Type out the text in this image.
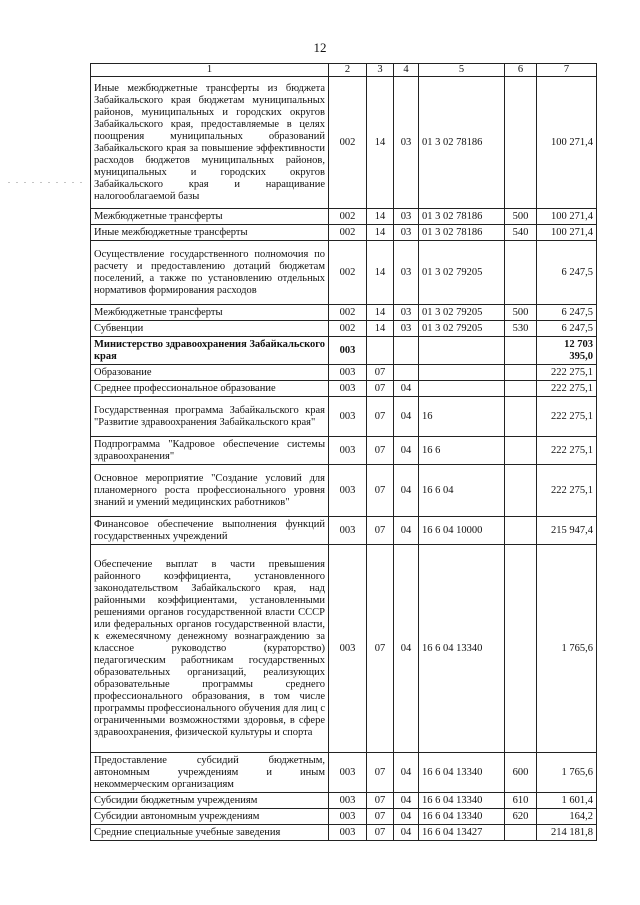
12
. . . . . . . . . .
1	2	3	4	5	6	7
Иные межбюджетные трансферты из бюджета Забайкальского края бюджетам муниципальных районов, муниципальных и городских округов Забайкальского края, предоставляемые в целях поощрения муниципальных образований Забайкальского края за повышение эффективности расходов бюджетов муниципальных районов, муниципальных и городских округов Забайкальского края и наращивание налогооблагаемой базы	002	14	03	01 3 02 78186		100 271,4
Межбюджетные трансферты	002	14	03	01 3 02 78186	500	100 271,4
Иные межбюджетные трансферты	002	14	03	01 3 02 78186	540	100 271,4
Осуществление государственного полномочия по расчету и предоставлению дотаций бюджетам поселений, а также по установлению отдельных нормативов формирования расходов	002	14	03	01 3 02 79205		6 247,5
Межбюджетные трансферты	002	14	03	01 3 02 79205	500	6 247,5
Субвенции	002	14	03	01 3 02 79205	530	6 247,5
Министерство здравоохранения Забайкальского края	003					12 703 395,0
Образование	003	07				222 275,1
Среднее профессиональное образование	003	07	04			222 275,1
Государственная программа Забайкальского края "Развитие здравоохранения Забайкальского края"	003	07	04	16		222 275,1
Подпрограмма "Кадровое обеспечение системы здравоохранения"	003	07	04	16 6		222 275,1
Основное мероприятие "Создание условий для планомерного роста профессионального уровня знаний и умений медицинских работников"	003	07	04	16 6 04		222 275,1
Финансовое обеспечение выполнения функций государственных учреждений	003	07	04	16 6 04 10000		215 947,4
Обеспечение выплат в части превышения районного коэффициента, установленного законодательством Забайкальского края, над районными коэффициентами, установленными решениями органов государственной власти СССР или федеральных органов государственной власти, к ежемесячному денежному вознаграждению за классное руководство (кураторство) педагогическим работникам государственных образовательных организаций, реализующих образовательные программы среднего профессионального образования, в том числе программы профессионального обучения для лиц с ограниченными возможностями здоровья, в сфере здравоохранения, физической культуры и спорта	003	07	04	16 6 04 13340		1 765,6
Предоставление субсидий бюджетным, автономным учреждениям и иным некоммерческим организациям	003	07	04	16 6 04 13340	600	1 765,6
Субсидии бюджетным учреждениям	003	07	04	16 6 04 13340	610	1 601,4
Субсидии автономным учреждениям	003	07	04	16 6 04 13340	620	164,2
Средние специальные учебные заведения	003	07	04	16 6 04 13427		214 181,8
